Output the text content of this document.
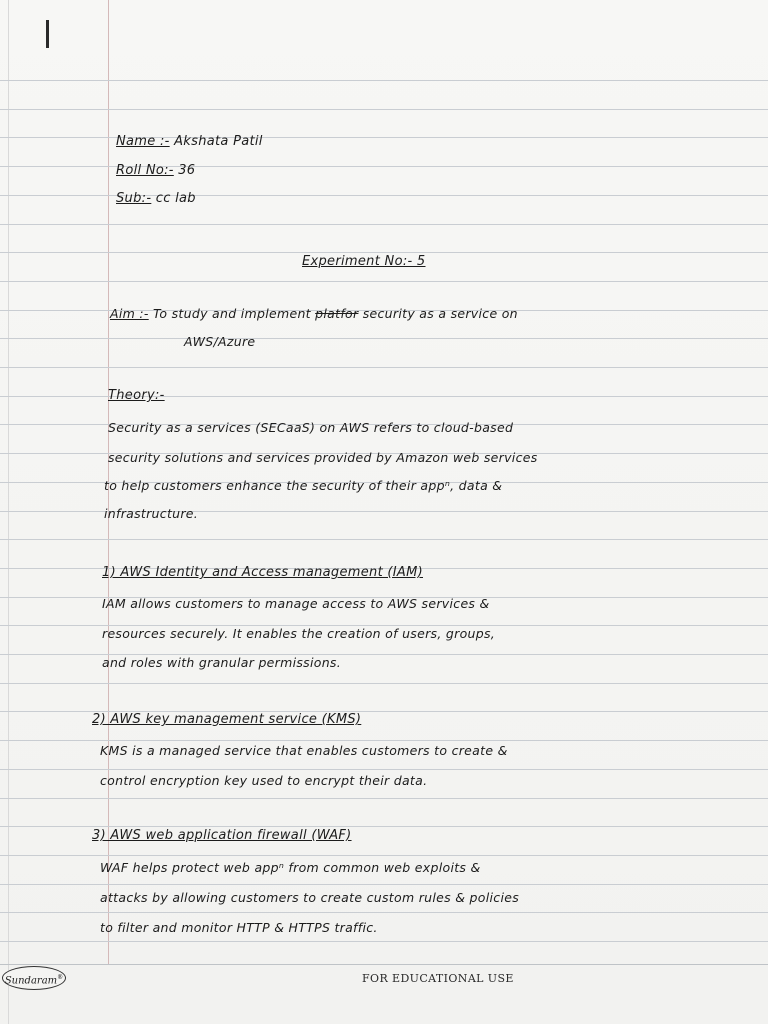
Name :- Akshata Patil
Roll No:- 36
Sub:- cc lab
Experiment No:- 5
Aim :- To study and implement platfor security as a service on
AWS/Azure
Theory:-
Security as a services (SECaaS) on AWS refers to cloud-based
security solutions and services provided by Amazon web services
to help customers enhance the security of their appⁿ, data &
infrastructure.
1) AWS Identity and Access management (IAM)
IAM allows customers to manage access to AWS services &
resources securely. It enables the creation of users, groups,
and roles with granular permissions.
2) AWS key management service (KMS)
KMS is a managed service that enables customers to create &
control encryption key used to encrypt their data.
3) AWS web application firewall (WAF)
WAF helps protect web appⁿ from common web exploits &
attacks by allowing customers to create custom rules & policies
to filter and monitor HTTP & HTTPS traffic.
Sundaram®	FOR EDUCATIONAL USE
